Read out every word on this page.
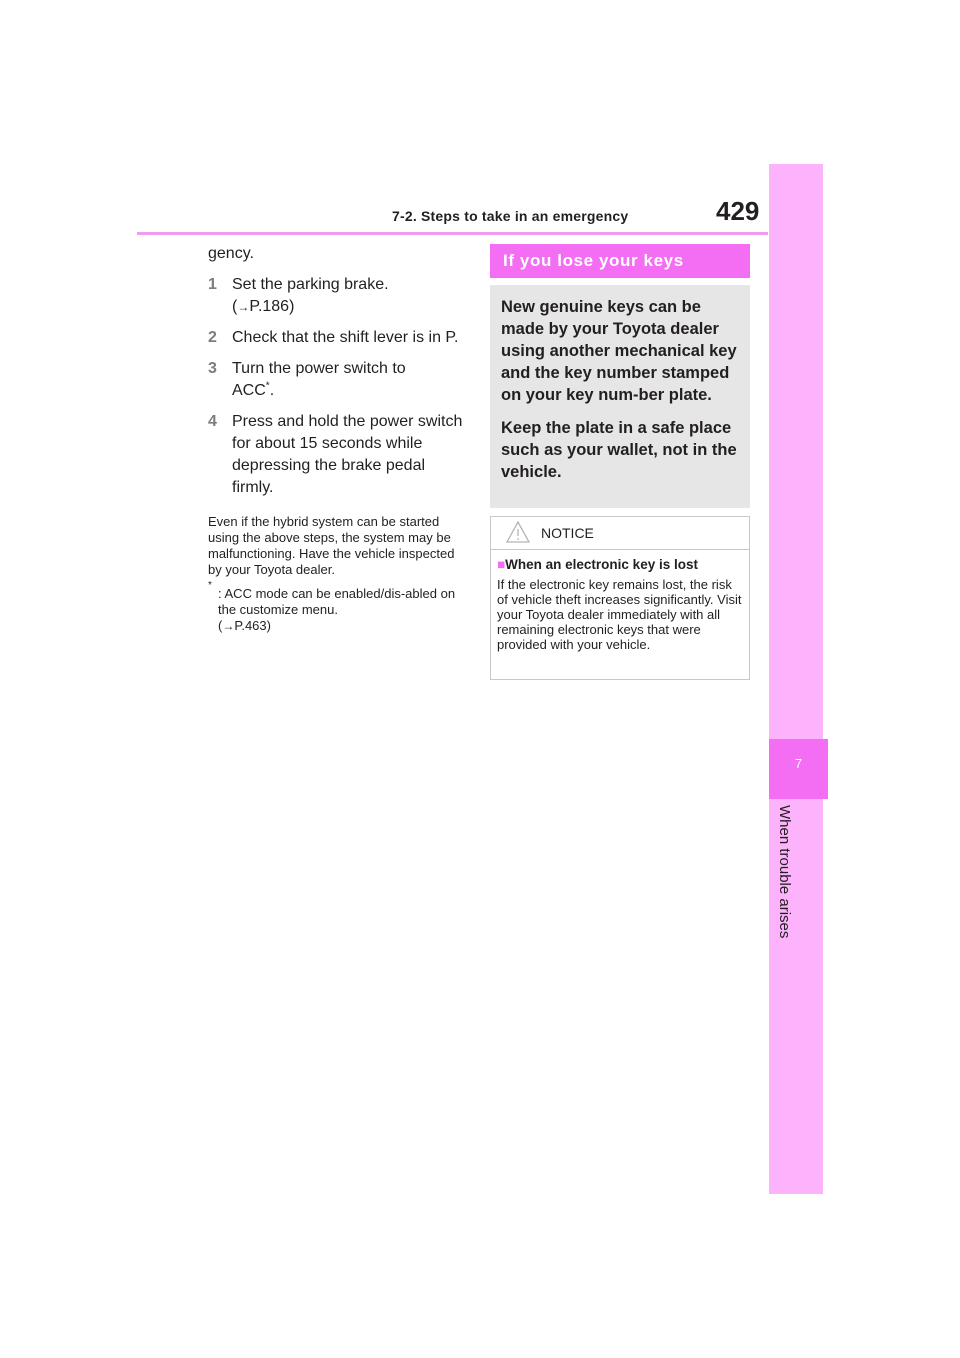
7
When trouble arises
7-2. Steps to take in an emergency	429
gency.
1 Set the parking brake.
(→P.186)
2 Check that the shift lever is in P.
3 Turn the power switch to
ACC*.
4 Press and hold the power switch for about 15 seconds while depressing the brake pedal firmly.
Even if the hybrid system can be started using the above steps, the system may be malfunctioning. Have the vehicle inspected by your Toyota dealer.
*
: ACC mode can be enabled/dis-abled on the customize menu.
(→P.463)
If you lose your keys

New genuine keys can be made by your Toyota dealer using another mechanical key and the key number stamped on your key num-ber plate.

Keep the plate in a safe place such as your wallet, not in the vehicle.

NOTICE
■When an electronic key is lost
If the electronic key remains lost, the risk of vehicle theft increases significantly. Visit your Toyota dealer immediately with all remaining electronic keys that were provided with your vehicle.
